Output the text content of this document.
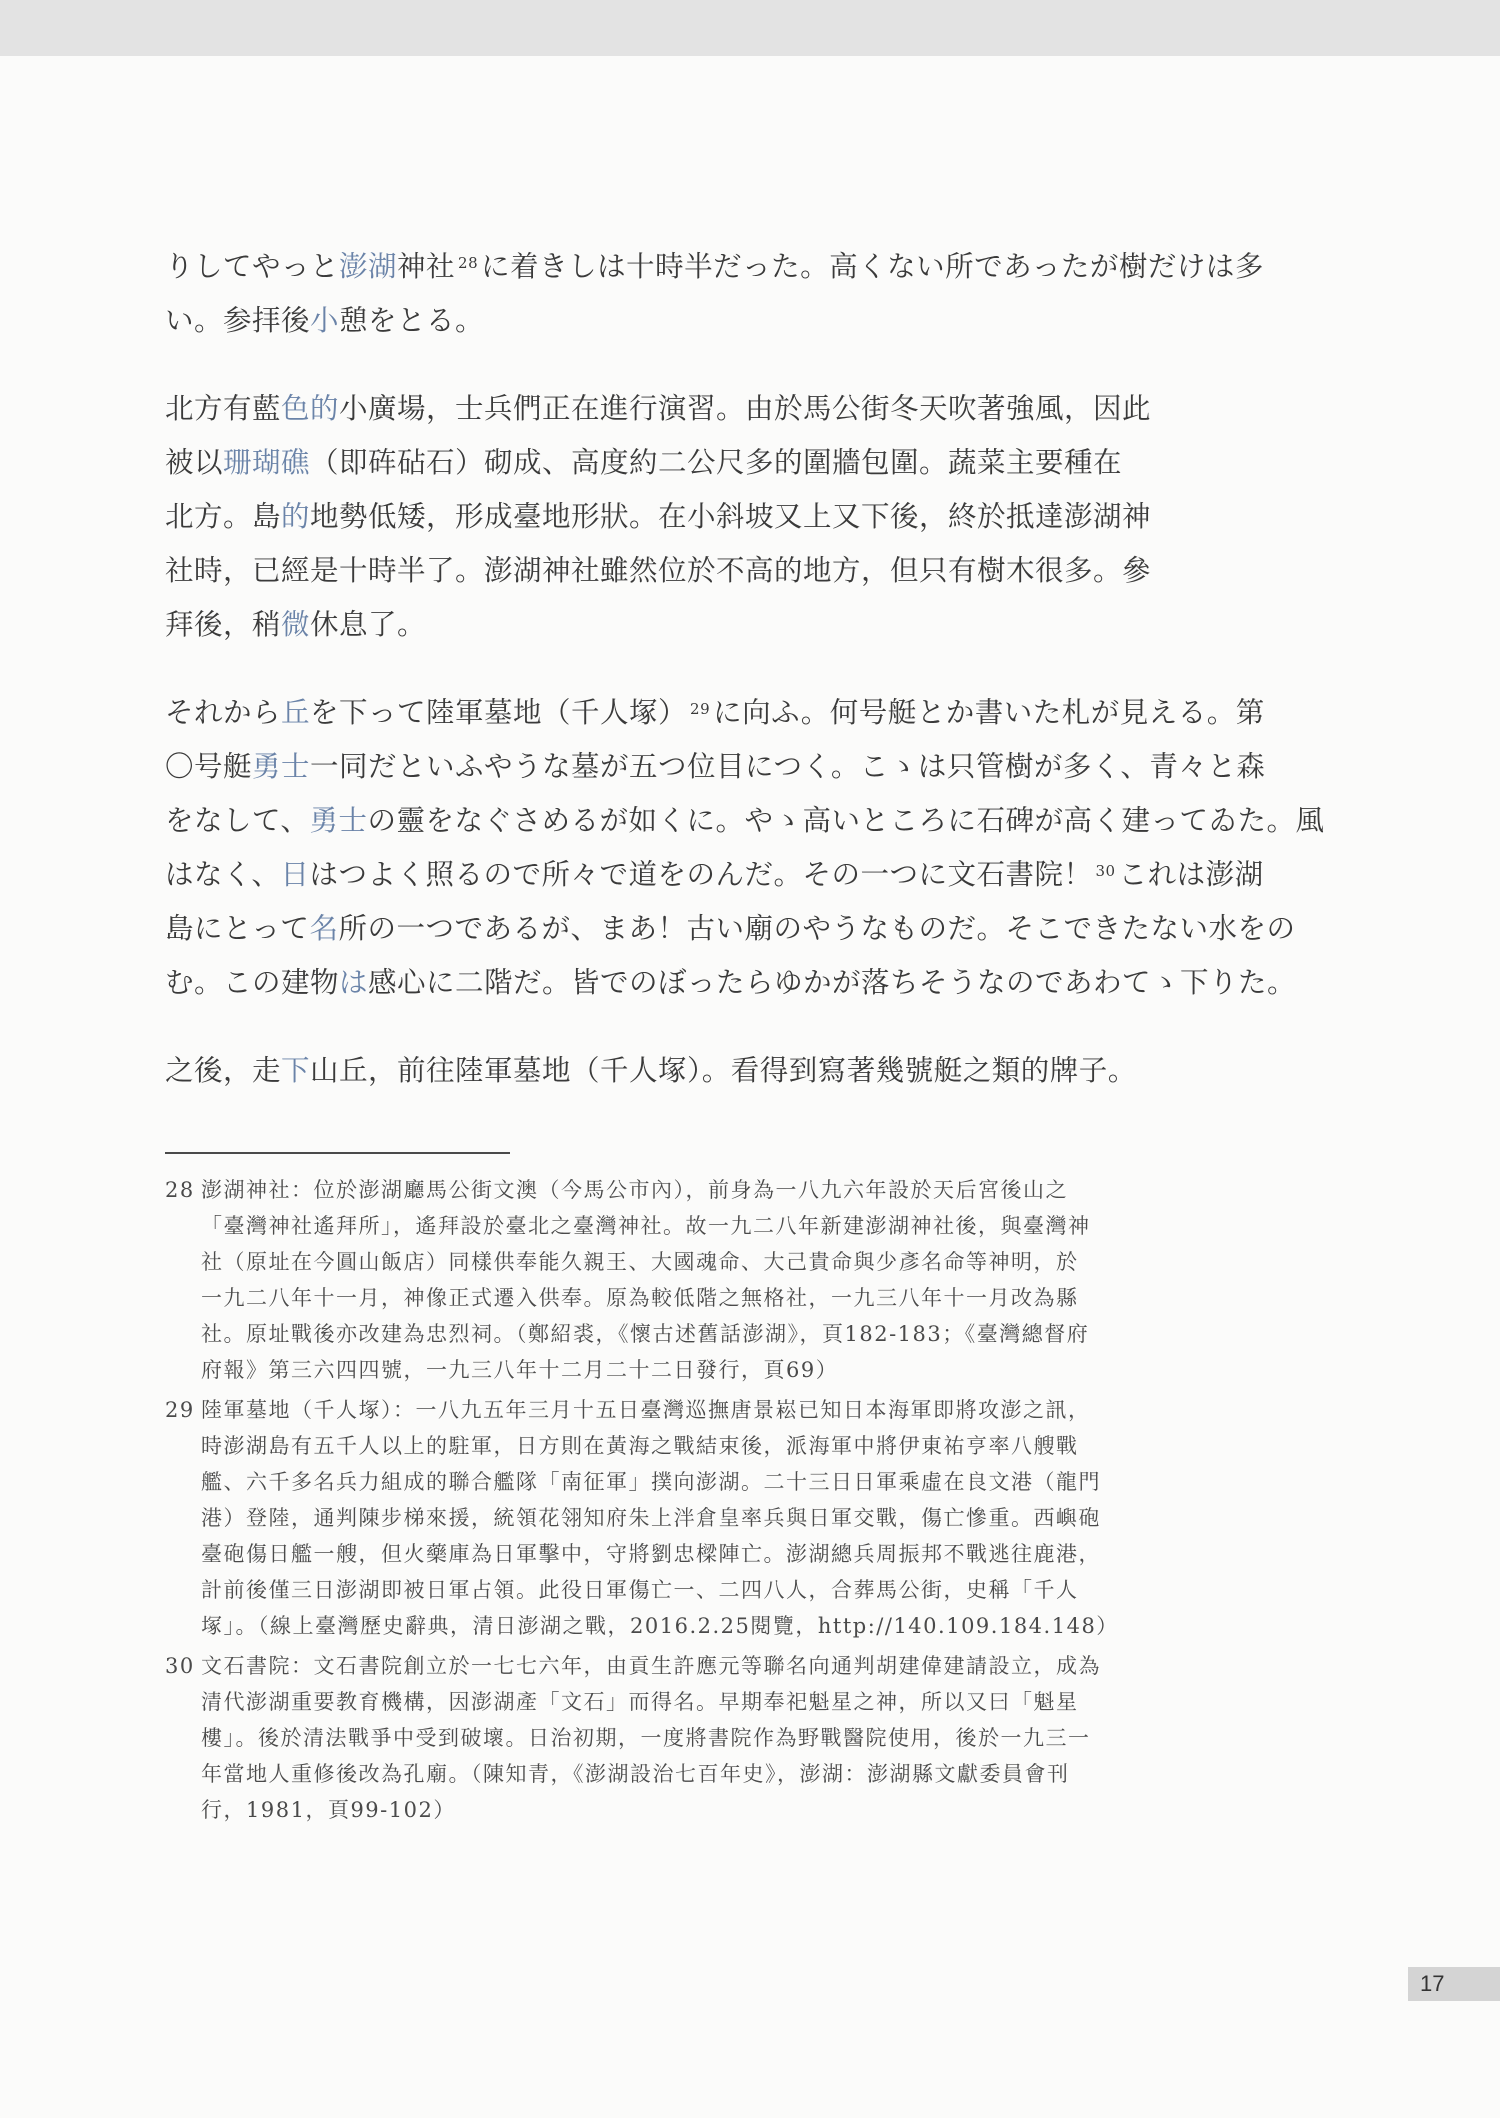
りしてやっと澎湖神社 $^{28}$ に着きしは十時半だった。高くない所であったが樹だけは多
い。参拝後小憩をとる。
北方有藍色的小廣場，士兵們正在進行演習。由於馬公街冬天吹著強風，因此
被以珊瑚礁（即砗砧石）砌成、高度約二公尺多的圍牆包圍。蔬菜主要種在
北方。島的地勢低矮，形成臺地形狀。在小斜坡又上又下後，終於抵達澎湖神
社時，已經是十時半了。澎湖神社雖然位於不高的地方，但只有樹木很多。參
拜後，稍微休息了。
それから丘を下って陸軍墓地（千人塚） $^{29}$ に向ふ。何号艇とか書いた札が見える。第
〇号艇勇士一同だといふやうな墓が五つ位目につく。こゝは只管樹が多く、青々と森
をなして、勇士の靈をなぐさめるが如くに。やゝ高いところに石碑が高く建ってゐた。風
はなく、日はつよく照るので所々で道をのんだ。その一つに文石書院！ $^{30}$ これは澎湖
島にとって名所の一つであるが、まあ！古い廟のやうなものだ。そこできたない水をの
む。この建物は感心に二階だ。皆でのぼったらゆかが落ちそうなのであわてゝ下りた。
之後，走下山丘，前往陸軍墓地（千人塚）。看得到寫著幾號艇之類的牌子。
28 澎湖神社：位於澎湖廳馬公街文澳（今馬公市內），前身為一八九六年設於天后宮後山之
「臺灣神社遙拜所」，遙拜設於臺北之臺灣神社。故一九二八年新建澎湖神社後，與臺灣神
社（原址在今圓山飯店）同樣供奉能久親王、大國魂命、大己貴命與少彥名命等神明，於
一九二八年十一月，神像正式遷入供奉。原為較低階之無格社，一九三八年十一月改為縣
社。原址戰後亦改建為忠烈祠。（鄭紹裘，《懷古述舊話澎湖》，頁182-183；《臺灣總督府
府報》第三六四四號，一九三八年十二月二十二日發行，頁69）
29 陸軍墓地（千人塚）：一八九五年三月十五日臺灣巡撫唐景崧已知日本海軍即將攻澎之訊，
時澎湖島有五千人以上的駐軍，日方則在黃海之戰結束後，派海軍中將伊東祐亨率八艘戰
艦、六千多名兵力組成的聯合艦隊「南征軍」撲向澎湖。二十三日日軍乘虛在良文港（龍門
港）登陸，通判陳步梯來援，統領花翎知府朱上泮倉皇率兵與日軍交戰，傷亡慘重。西嶼砲
臺砲傷日艦一艘，但火藥庫為日軍擊中，守將劉忠樑陣亡。澎湖總兵周振邦不戰逃往鹿港，
計前後僅三日澎湖即被日軍占領。此役日軍傷亡一、二四八人，合葬馬公街，史稱「千人
塚」。（線上臺灣歷史辭典，清日澎湖之戰，2016.2.25閱覽，http://140.109.184.148）
30 文石書院：文石書院創立於一七七六年，由貢生許應元等聯名向通判胡建偉建請設立，成為
清代澎湖重要教育機構，因澎湖產「文石」而得名。早期奉祀魁星之神，所以又曰「魁星
樓」。後於清法戰爭中受到破壞。日治初期，一度將書院作為野戰醫院使用，後於一九三一
年當地人重修後改為孔廟。（陳知青，《澎湖設治七百年史》，澎湖：澎湖縣文獻委員會刊
行，1981，頁99-102）
17
